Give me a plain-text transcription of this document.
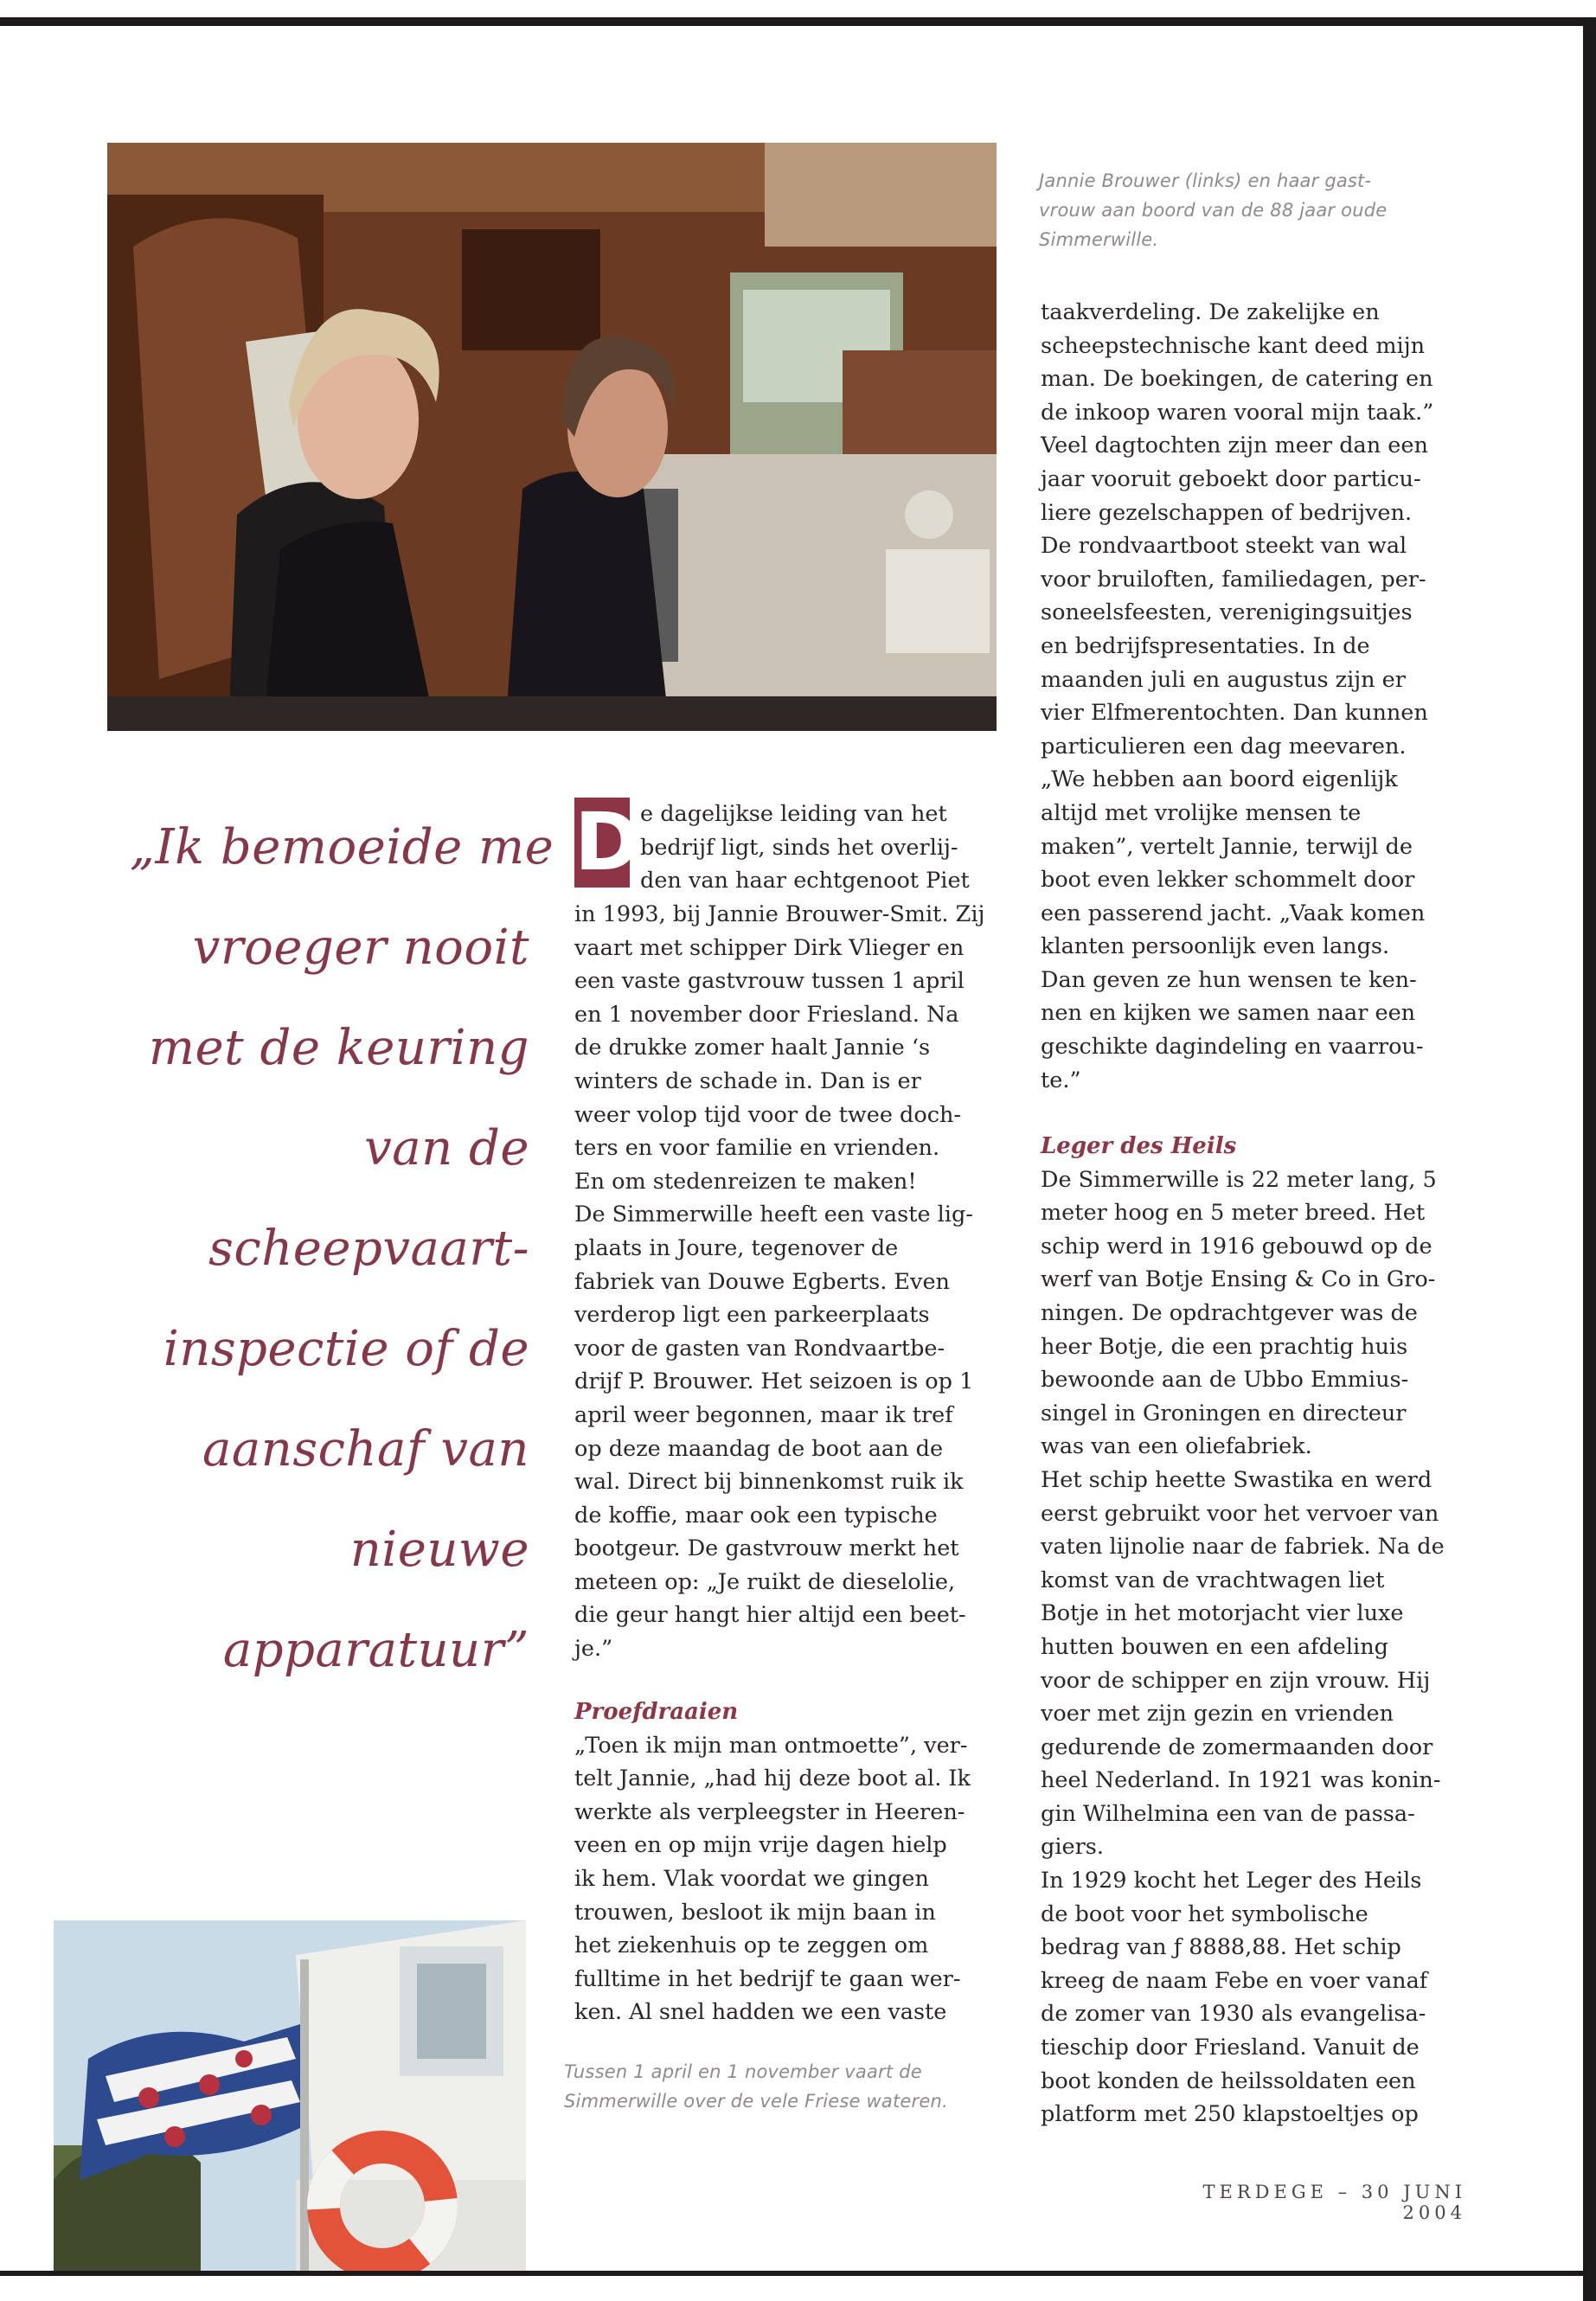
Jannie Brouwer (links) en haar gast-
vrouw aan boord van de 88 jaar oude
Simmerwille.
„Ik bemoeide me
vroeger nooit
met de keuring
van de
scheepvaart-
inspectie of de
aanschaf van
nieuwe
apparatuur”
D e dagelijkse leiding van het
bedrijf ligt, sinds het overlij-
den van haar echtgenoot Piet
in 1993, bij Jannie Brouwer-Smit. Zij
vaart met schipper Dirk Vlieger en
een vaste gastvrouw tussen 1 april
en 1 november door Friesland. Na
de drukke zomer haalt Jannie ‘s
winters de schade in. Dan is er
weer volop tijd voor de twee doch-
ters en voor familie en vrienden.
En om stedenreizen te maken!
De Simmerwille heeft een vaste lig-
plaats in Joure, tegenover de
fabriek van Douwe Egberts. Even
verderop ligt een parkeerplaats
voor de gasten van Rondvaartbe-
drijf P. Brouwer. Het seizoen is op 1
april weer begonnen, maar ik tref
op deze maandag de boot aan de
wal. Direct bij binnenkomst ruik ik
de koffie, maar ook een typische
bootgeur. De gastvrouw merkt het
meteen op: „Je ruikt de dieselolie,
die geur hangt hier altijd een beet-
je.”
Proefdraaien
„Toen ik mijn man ontmoette”, ver-
telt Jannie, „had hij deze boot al. Ik
werkte als verpleegster in Heeren-
veen en op mijn vrije dagen hielp
ik hem. Vlak voordat we gingen
trouwen, besloot ik mijn baan in
het ziekenhuis op te zeggen om
fulltime in het bedrijf te gaan wer-
ken. Al snel hadden we een vaste
Tussen 1 april en 1 november vaart de
Simmerwille over de vele Friese wateren.
taakverdeling. De zakelijke en
scheepstechnische kant deed mijn
man. De boekingen, de catering en
de inkoop waren vooral mijn taak.”
Veel dagtochten zijn meer dan een
jaar vooruit geboekt door particu-
liere gezelschappen of bedrijven.
De rondvaartboot steekt van wal
voor bruiloften, familiedagen, per-
soneelsfeesten, verenigingsuitjes
en bedrijfspresentaties. In de
maanden juli en augustus zijn er
vier Elfmerentochten. Dan kunnen
particulieren een dag meevaren.
„We hebben aan boord eigenlijk
altijd met vrolijke mensen te
maken”, vertelt Jannie, terwijl de
boot even lekker schommelt door
een passerend jacht. „Vaak komen
klanten persoonlijk even langs.
Dan geven ze hun wensen te ken-
nen en kijken we samen naar een
geschikte dagindeling en vaarrou-
te.”
Leger des Heils
De Simmerwille is 22 meter lang, 5
meter hoog en 5 meter breed. Het
schip werd in 1916 gebouwd op de
werf van Botje Ensing & Co in Gro-
ningen. De opdrachtgever was de
heer Botje, die een prachtig huis
bewoonde aan de Ubbo Emmius-
singel in Groningen en directeur
was van een oliefabriek.
Het schip heette Swastika en werd
eerst gebruikt voor het vervoer van
vaten lijnolie naar de fabriek. Na de
komst van de vrachtwagen liet
Botje in het motorjacht vier luxe
hutten bouwen en een afdeling
voor de schipper en zijn vrouw. Hij
voer met zijn gezin en vrienden
gedurende de zomermaanden door
heel Nederland. In 1921 was konin-
gin Wilhelmina een van de passa-
giers.
In 1929 kocht het Leger des Heils
de boot voor het symbolische
bedrag van ƒ 8888,88. Het schip
kreeg de naam Febe en voer vanaf
de zomer van 1930 als evangelisa-
tieschip door Friesland. Vanuit de
boot konden de heilssoldaten een
platform met 250 klapstoeltjes op
TERDEGE – 30 JUNI 2004
